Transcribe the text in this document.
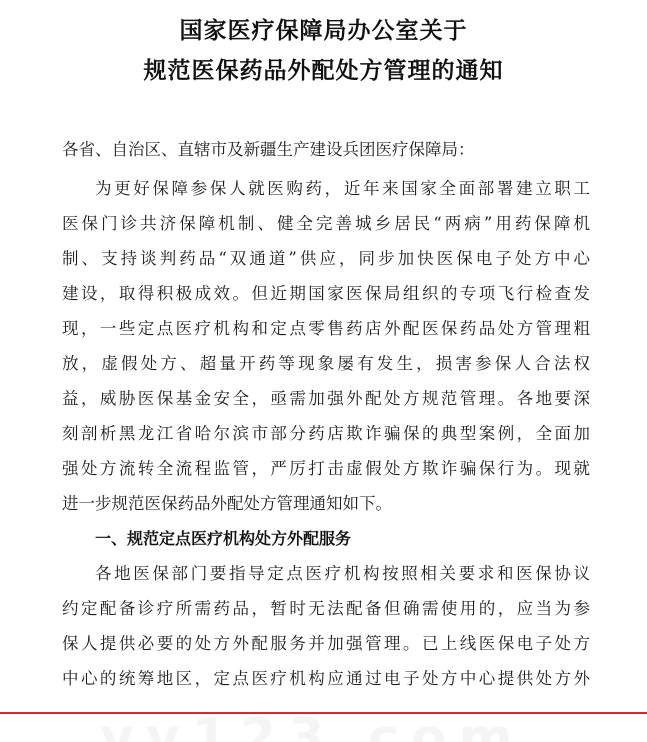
国家医疗保障局办公室关于
规范医保药品外配处方管理的通知
各省、自治区、直辖市及新疆生产建设兵团医疗保障局：
为更好保障参保人就医购药，近年来国家全面部署建立职工
医保门诊共济保障机制、健全完善城乡居民“两病”用药保障机
制、支持谈判药品“双通道”供应，同步加快医保电子处方中心
建设，取得积极成效。但近期国家医保局组织的专项飞行检查发
现，一些定点医疗机构和定点零售药店外配医保药品处方管理粗
放，虚假处方、超量开药等现象屡有发生，损害参保人合法权
益，威胁医保基金安全，亟需加强外配处方规范管理。各地要深
刻剖析黑龙江省哈尔滨市部分药店欺诈骗保的典型案例，全面加
强处方流转全流程监管，严厉打击虚假处方欺诈骗保行为。现就
进一步规范医保药品外配处方管理通知如下。
一、规范定点医疗机构处方外配服务
各地医保部门要指导定点医疗机构按照相关要求和医保协议
约定配备诊疗所需药品，暂时无法配备但确需使用的，应当为参
保人提供必要的处方外配服务并加强管理。已上线医保电子处方
中心的统筹地区，定点医疗机构应通过电子处方中心提供处方外
